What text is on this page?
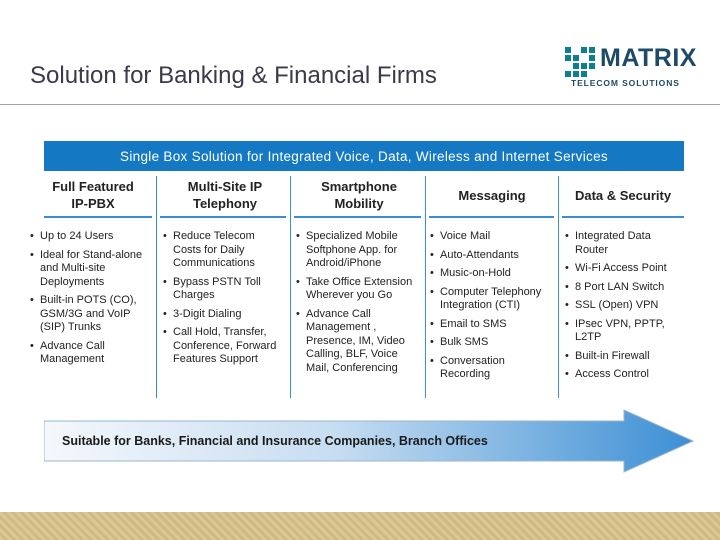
Solution for Banking & Financial Firms
MATRIX
TELECOM SOLUTIONS
Single Box Solution for Integrated Voice, Data, Wireless and Internet Services
Full Featured IP-PBX
Multi-Site IP Telephony
Smartphone Mobility
Messaging	Data & Security
• Up to 24 Users
• Ideal for Stand-alone and Multi-site Deployments
• Built-in POTS (CO), GSM/3G and VoIP (SIP) Trunks
• Advance Call Management
• Reduce Telecom Costs for Daily Communications
• Bypass PSTN Toll Charges
• 3-Digit Dialing
• Call Hold, Transfer, Conference, Forward Features Support
• Specialized Mobile Softphone App. for Android/iPhone
• Take Office Extension Wherever you Go
• Advance Call Management , Presence, IM, Video Calling, BLF, Voice Mail, Conferencing
• Voice Mail
• Auto-Attendants
• Music-on-Hold
• Computer Telephony Integration (CTI)
• Email to SMS
• Bulk SMS
• Conversation Recording
• Integrated Data Router
• Wi-Fi Access Point
• 8 Port LAN Switch
• SSL (Open) VPN
• IPsec VPN, PPTP, L2TP
• Built-in Firewall
• Access Control
Suitable for Banks, Financial and Insurance Companies, Branch Offices
